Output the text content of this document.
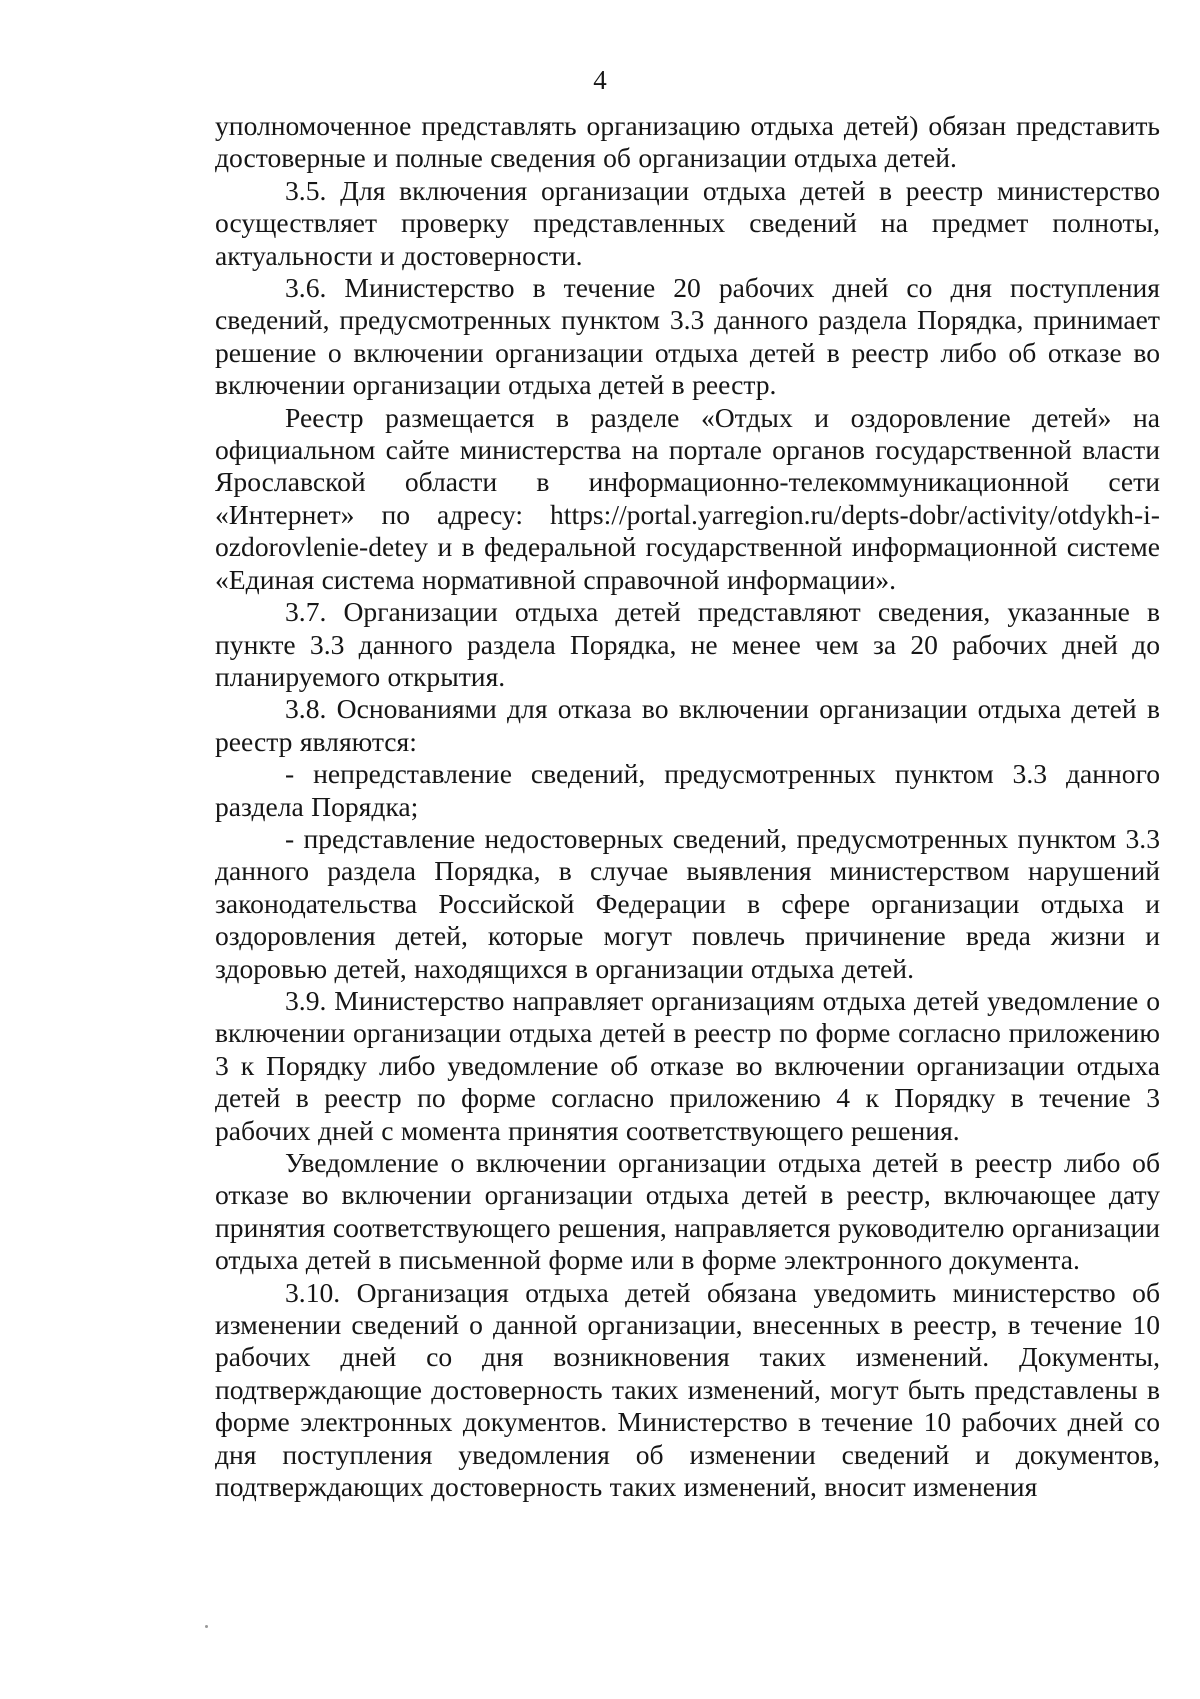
4

уполномоченное представлять организацию отдыха детей) обязан представить достоверные и полные сведения об организации отдыха детей.

3.5. Для включения организации отдыха детей в реестр министерство осуществляет проверку представленных сведений на предмет полноты, актуальности и достоверности.

3.6. Министерство в течение 20 рабочих дней со дня поступления сведений, предусмотренных пунктом 3.3 данного раздела Порядка, принимает решение о включении организации отдыха детей в реестр либо об отказе во включении организации отдыха детей в реестр.

Реестр размещается в разделе «Отдых и оздоровление детей» на официальном сайте министерства на портале органов государственной власти Ярославской области в информационно-телекоммуникационной сети «Интернет» по адресу: https://portal.yarregion.ru/depts-dobr/activity/otdykh-i-ozdorovlenie-detey и в федеральной государственной информационной системе «Единая система нормативной справочной информации».

3.7. Организации отдыха детей представляют сведения, указанные в пункте 3.3 данного раздела Порядка, не менее чем за 20 рабочих дней до планируемого открытия.

3.8. Основаниями для отказа во включении организации отдыха детей в реестр являются:

- непредставление сведений, предусмотренных пунктом 3.3 данного раздела Порядка;

- представление недостоверных сведений, предусмотренных пунктом 3.3 данного раздела Порядка, в случае выявления министерством нарушений законодательства Российской Федерации в сфере организации отдыха и оздоровления детей, которые могут повлечь причинение вреда жизни и здоровью детей, находящихся в организации отдыха детей.

3.9. Министерство направляет организациям отдыха детей уведомление о включении организации отдыха детей в реестр по форме согласно приложению 3 к Порядку либо уведомление об отказе во включении организации отдыха детей в реестр по форме согласно приложению 4 к Порядку в течение 3 рабочих дней с момента принятия соответствующего решения.

Уведомление о включении организации отдыха детей в реестр либо об отказе во включении организации отдыха детей в реестр, включающее дату принятия соответствующего решения, направляется руководителю организации отдыха детей в письменной форме или в форме электронного документа.

3.10. Организация отдыха детей обязана уведомить министерство об изменении сведений о данной организации, внесенных в реестр, в течение 10 рабочих дней со дня возникновения таких изменений. Документы, подтверждающие достоверность таких изменений, могут быть представлены в форме электронных документов. Министерство в течение 10 рабочих дней со дня поступления уведомления об изменении сведений и документов, подтверждающих достоверность таких изменений, вносит изменения
